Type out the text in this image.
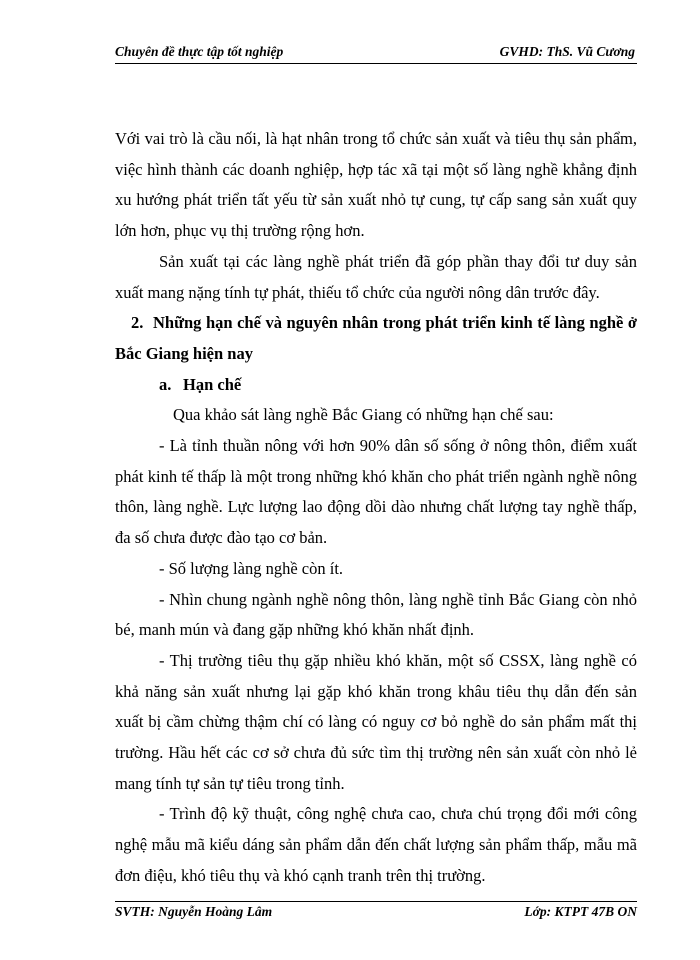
Chuyên đề thực tập tốt nghiệp	GVHD: ThS. Vũ Cương

Với vai trò là cầu nối, là hạt nhân trong tổ chức sản xuất và tiêu thụ sản phẩm, việc hình thành các doanh nghiệp, hợp tác xã tại một số làng nghề khẳng định xu hướng phát triển tất yếu từ sản xuất nhỏ tự cung, tự cấp sang sản xuất quy lớn hơn, phục vụ thị trường rộng hơn.

Sản xuất tại các làng nghề phát triển đã góp phần thay đổi tư duy sản xuất mang nặng tính tự phát, thiếu tổ chức của người nông dân trước đây.

2. Những hạn chế và nguyên nhân trong phát triển kinh tế làng nghề ở Bắc Giang hiện nay

a. Hạn chế

Qua khảo sát làng nghề Bắc Giang có những hạn chế sau:

- Là tỉnh thuần nông với hơn 90% dân số sống ở nông thôn, điểm xuất phát kinh tế thấp là một trong những khó khăn cho phát triển ngành nghề nông thôn, làng nghề. Lực lượng lao động dồi dào nhưng chất lượng tay nghề thấp, đa số chưa được đào tạo cơ bản.

- Số lượng làng nghề còn ít.

- Nhìn chung ngành nghề nông thôn, làng nghề tỉnh Bắc Giang còn nhỏ bé, manh mún và đang gặp những khó khăn nhất định.

- Thị trường tiêu thụ gặp nhiều khó khăn, một số CSSX, làng nghề có khả năng sản xuất nhưng lại gặp khó khăn trong khâu tiêu thụ dẫn đến sản xuất bị cầm chừng thậm chí có làng có nguy cơ bỏ nghề do sản phẩm mất thị trường. Hầu hết các cơ sở chưa đủ sức tìm thị trường nên sản xuất còn nhỏ lẻ mang tính tự sản tự tiêu trong tỉnh.

- Trình độ kỹ thuật, công nghệ chưa cao, chưa chú trọng đổi mới công nghệ mẫu mã kiểu dáng sản phẩm dẫn đến chất lượng sản phẩm thấp, mẫu mã đơn điệu, khó tiêu thụ và khó cạnh tranh trên thị trường.

SVTH: Nguyễn Hoàng Lâm	Lớp: KTPT 47B ON
